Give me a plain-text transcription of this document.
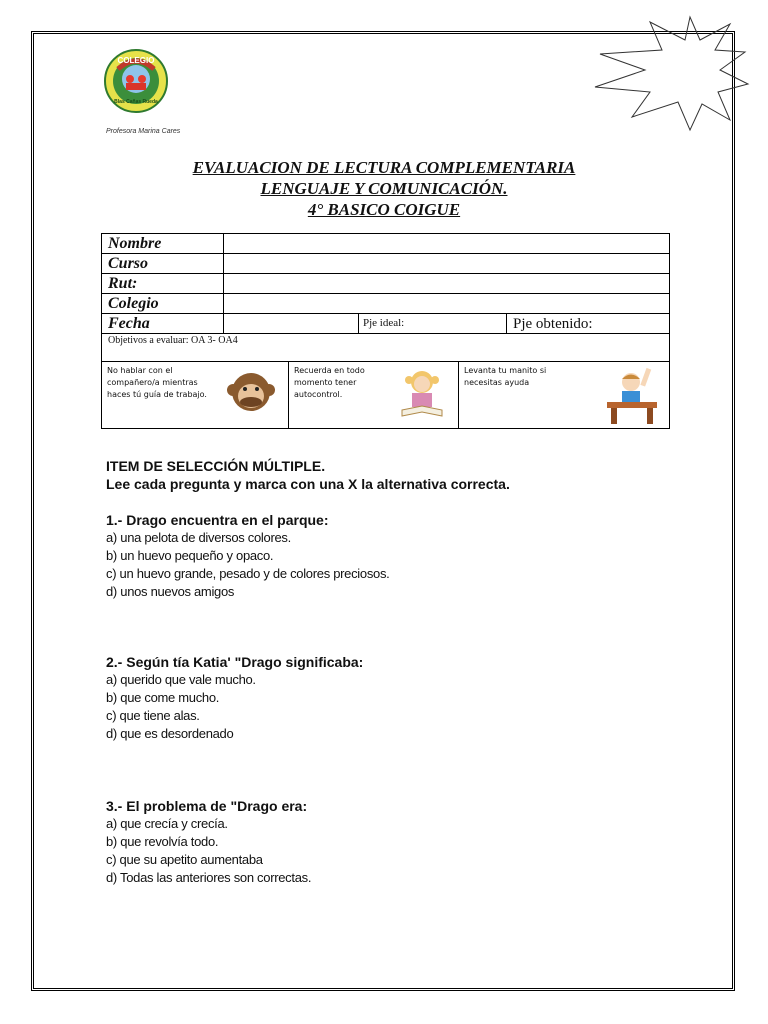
COLEGIO
Blas Cañas Rueda
Profesora Marina Cares
EVALUACION DE LECTURA COMPLEMENTARIA
LENGUAJE Y COMUNICACIÓN.
4° BASICO COIGUE
Nombre
Curso
Rut:
Colegio
Fecha	Pje ideal:	Pje obtenido:
Objetivos a evaluar: OA 3- OA4
No hablar con el compañero/a mientras haces tú guía de trabajo.
Recuerda en todo momento tener autocontrol.
Levanta tu manito si necesitas ayuda
ITEM DE SELECCIÓN MÚLTIPLE.
Lee cada pregunta y marca con una X la alternativa correcta.
1.- Drago encuentra en el parque:
a) una pelota de diversos colores.
b) un huevo pequeño y opaco.
c) un huevo grande, pesado y de colores preciosos.
d) unos nuevos amigos
2.- Según tía Katia' "Drago significaba:
a) querido que vale mucho.
b) que come mucho.
c) que tiene alas.
d) que es desordenado
3.- El problema de "Drago era:
a) que crecía y crecía.
b) que revolvía todo.
c) que su apetito aumentaba
d) Todas las anteriores son correctas.
